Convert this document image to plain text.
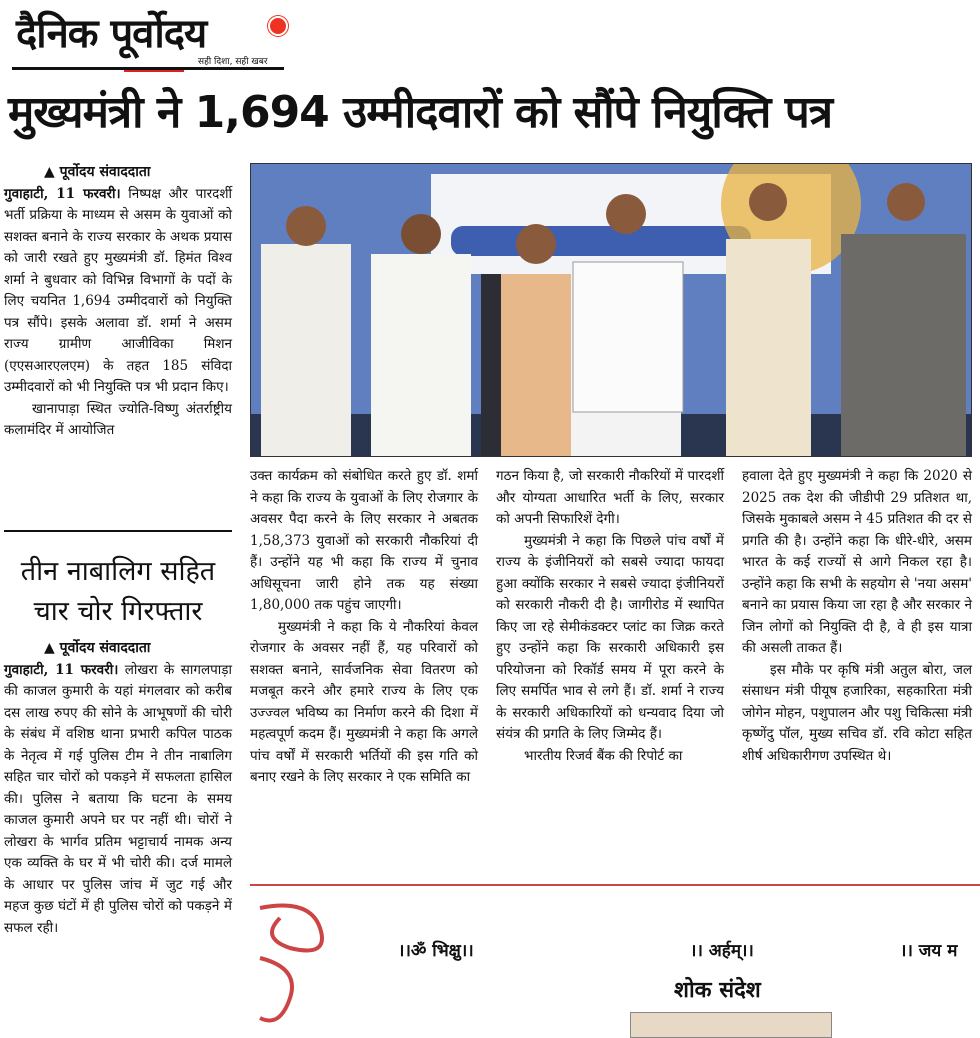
दैनिक पूर्वोदय
सही दिशा, सही खबर
मुख्यमंत्री ने 1,694 उम्मीदवारों को सौंपे नियुक्ति पत्र
▲ पूर्वोदय संवाददाता
गुवाहाटी, 11 फरवरी। निष्पक्ष और पारदर्शी भर्ती प्रक्रिया के माध्यम से असम के युवाओं को सशक्त बनाने के राज्य सरकार के अथक प्रयास को जारी रखते हुए मुख्यमंत्री डॉ. हिमंत विश्व शर्मा ने बुधवार को विभिन्न विभागों के पदों के लिए चयनित 1,694 उम्मीदवारों को नियुक्ति पत्र सौंपे। इसके अलावा डॉ. शर्मा ने असम राज्य ग्रामीण आजीविका मिशन (एएसआरएलएम) के तहत 185 संविदा उम्मीदवारों को भी नियुक्ति पत्र भी प्रदान किए।
खानापाड़ा स्थित ज्योति-विष्णु अंतर्राष्ट्रीय कलामंदिर में आयोजित
तीन नाबालिग सहित
चार चोर गिरफ्तार
▲ पूर्वोदय संवाददाता
गुवाहाटी, 11 फरवरी। लोखरा के सागलपाड़ा की काजल कुमारी के यहां मंगलवार को करीब दस लाख रुपए की सोने के आभूषणों की चोरी के संबंध में वशिष्ठ थाना प्रभारी कपिल पाठक के नेतृत्व में गई पुलिस टीम ने तीन नाबालिग सहित चार चोरों को पकड़ने में सफलता हासिल की। पुलिस ने बताया कि घटना के समय काजल कुमारी अपने घर पर नहीं थी। चोरों ने लोखरा के भार्गव प्रतिम भट्टाचार्य नामक अन्य एक व्यक्ति के घर में भी चोरी की। दर्ज मामले के आधार पर पुलिस जांच में जुट गई और महज कुछ घंटों में ही पुलिस चोरों को पकड़ने में सफल रही।
उक्त कार्यक्रम को संबोधित करते हुए डॉ. शर्मा ने कहा कि राज्य के युवाओं के लिए रोजगार के अवसर पैदा करने के लिए सरकार ने अबतक 1,58,373 युवाओं को सरकारी नौकरियां दी हैं। उन्होंने यह भी कहा कि राज्य में चुनाव अधिसूचना जारी होने तक यह संख्या 1,80,000 तक पहुंच जाएगी।
मुख्यमंत्री ने कहा कि ये नौकरियां केवल रोजगार के अवसर नहीं हैं, यह परिवारों को सशक्त बनाने, सार्वजनिक सेवा वितरण को मजबूत करने और हमारे राज्य के लिए एक उज्ज्वल भविष्य का निर्माण करने की दिशा में महत्वपूर्ण कदम हैं। मुख्यमंत्री ने कहा कि अगले पांच वर्षों में सरकारी भर्तियों की इस गति को बनाए रखने के लिए सरकार ने एक समिति का
गठन किया है, जो सरकारी नौकरियों में पारदर्शी और योग्यता आधारित भर्ती के लिए, सरकार को अपनी सिफारिशें देगी।
मुख्यमंत्री ने कहा कि पिछले पांच वर्षों में राज्य के इंजीनियरों को सबसे ज्यादा फायदा हुआ क्योंकि सरकार ने सबसे ज्यादा इंजीनियरों को सरकारी नौकरी दी है। जागीरोड में स्थापित किए जा रहे सेमीकंडक्टर प्लांट का जिक्र करते हुए उन्होंने कहा कि सरकारी अधिकारी इस परियोजना को रिकॉर्ड समय में पूरा करने के लिए समर्पित भाव से लगे हैं। डॉ. शर्मा ने राज्य के सरकारी अधिकारियों को धन्यवाद दिया जो संयंत्र की प्रगति के लिए जिम्मेद हैं।
भारतीय रिजर्व बैंक की रिपोर्ट का
हवाला देते हुए मुख्यमंत्री ने कहा कि 2020 से 2025 तक देश की जीडीपी 29 प्रतिशत था, जिसके मुकाबले असम ने 45 प्रतिशत की दर से प्रगति की है। उन्होंने कहा कि धीरे-धीरे, असम भारत के कई राज्यों से आगे निकल रहा है। उन्होंने कहा कि सभी के सहयोग से 'नया असम' बनाने का प्रयास किया जा रहा है और सरकार ने जिन लोगों को नियुक्ति दी है, वे ही इस यात्रा की असली ताकत हैं।
इस मौके पर कृषि मंत्री अतुल बोरा, जल संसाधन मंत्री पीयूष हजारिका, सहकारिता मंत्री जोगेन मोहन, पशुपालन और पशु चिकित्सा मंत्री कृष्णेंदु पॉल, मुख्य सचिव डॉ. रवि कोटा सहित शीर्ष अधिकारीगण उपस्थित थे।
।।ॐ भिक्षु।।	।। अर्हम्।।	।। जय म
शोक संदेश
